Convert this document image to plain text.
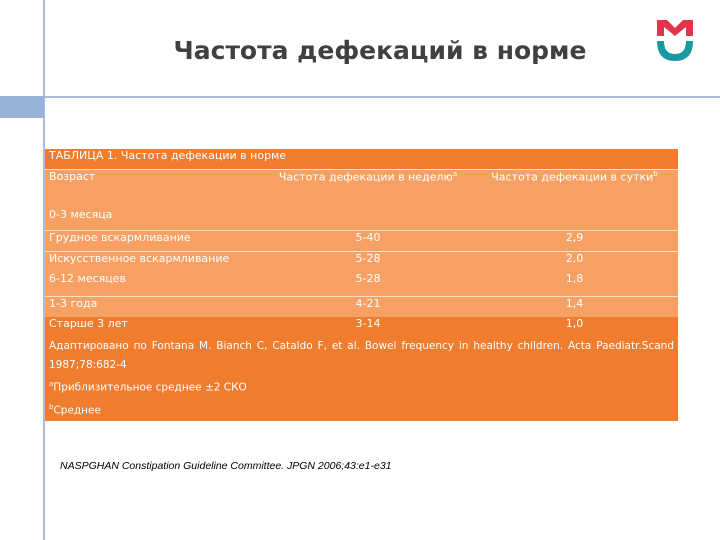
Частота дефекаций в норме
ТАБЛИЦА 1. Частота дефекации в норме		
Возраст	Частота дефекации в неделю$^a$	Частота дефекации в сутки$^b$
0-3 месяца		
Грудное вскармливание	5-40	2,9
Искусственное вскармливание	5-28	2,0
6-12 месяцев	5-28	1,8
1-3 года	4-21	1,4
Старше 3 лет	3-14	1,0

Адаптировано по Fontana M. Bianch C, Cataldo F, et al. Bowel frequency in healthy children. Acta Paediatr.Scand 1987;78:682-4
$^a$Приблизительное среднее ±2 СКО
$^b$Среднее		
NASPGHAN Constipation Guideline Committee. JPGN 2006;43:e1-e31
